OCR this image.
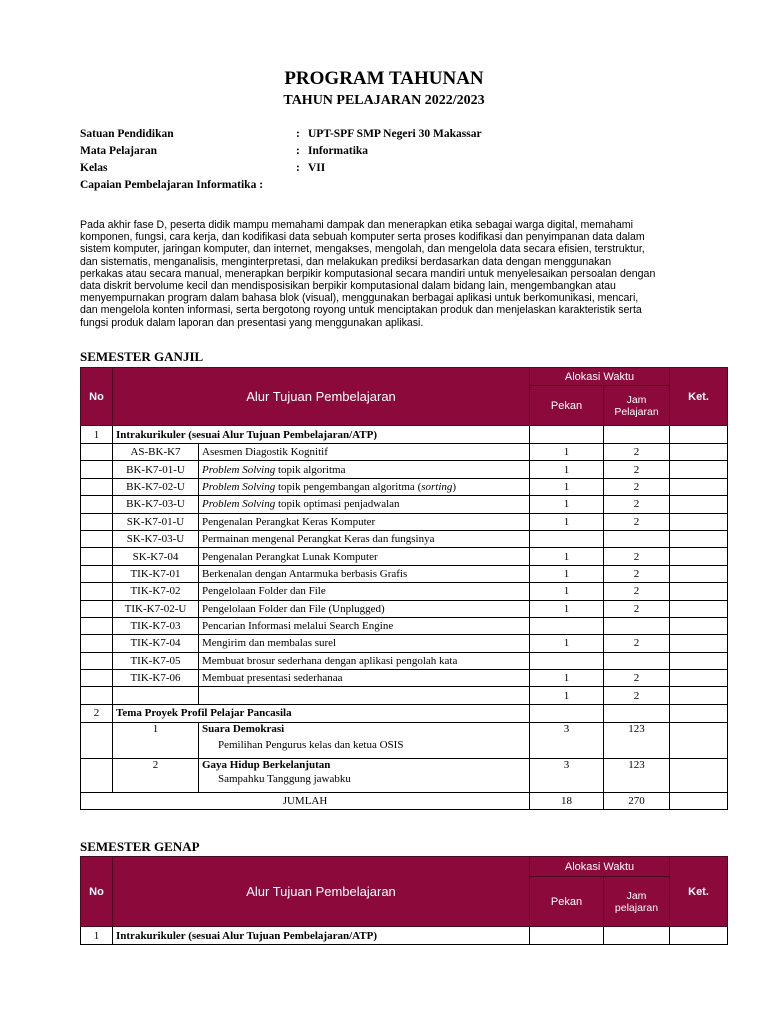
PROGRAM TAHUNAN
TAHUN PELAJARAN 2022/2023
Satuan Pendidikan	: UPT-SPF SMP Negeri 30 Makassar
Mata Pelajaran	: Informatika
Kelas	: VII
Capaian Pembelajaran Informatika :
Pada akhir fase D, peserta didik mampu memahami dampak dan menerapkan etika sebagai warga digital, memahami
komponen, fungsi, cara kerja, dan kodifikasi data sebuah komputer serta proses kodifikasi dan penyimpanan data dalam
sistem komputer, jaringan komputer, dan internet, mengakses, mengolah, dan mengelola data secara efisien, terstruktur,
dan sistematis, menganalisis, menginterpretasi, dan melakukan prediksi berdasarkan data dengan menggunakan
perkakas atau secara manual, menerapkan berpikir komputasional secara mandiri untuk menyelesaikan persoalan dengan
data diskrit bervolume kecil dan mendisposisikan berpikir komputasional dalam bidang lain, mengembangkan atau
menyempurnakan program dalam bahasa blok (visual), menggunakan berbagai aplikasi untuk berkomunikasi, mencari,
dan mengelola konten informasi, serta bergotong royong untuk menciptakan produk dan menjelaskan karakteristik serta
fungsi produk dalam laporan dan presentasi yang menggunakan aplikasi.
SEMESTER GANJIL
No	Alur Tujuan Pembelajaran		Alokasi Waktu		Ket.
			Pekan	Jam
Pelajaran	
1	Intrakurikuler (sesuai Alur Tujuan Pembelajaran/ATP)				
	AS-BK-K7	Asesmen Diagostik Kognitif	1	2	
	BK-K7-01-U	Problem Solving topik algoritma	1	2	
	BK-K7-02-U	Problem Solving topik pengembangan algoritma (sorting)	1	2	
	BK-K7-03-U	Problem Solving topik optimasi penjadwalan	1	2	
	SK-K7-01-U	Pengenalan Perangkat Keras Komputer	1	2	
	SK-K7-03-U	Permainan mengenal Perangkat Keras dan fungsinya			
	SK-K7-04	Pengenalan Perangkat Lunak Komputer	1	2	
	TIK-K7-01	Berkenalan dengan Antarmuka berbasis Grafis	1	2	
	TIK-K7-02	Pengelolaan Folder dan File	1	2	
	TIK-K7-02-U	Pengelolaan Folder dan File (Unplugged)	1	2	
	TIK-K7-03	Pencarian Informasi melalui Search Engine			
	TIK-K7-04	Mengirim dan membalas surel	1	2	
	TIK-K7-05	Membuat brosur sederhana dengan aplikasi pengolah kata			
	TIK-K7-06	Membuat presentasi sederhanaa	1	2	
			1	2	
2	Tema Proyek Profil Pelajar Pancasila				
	1	Suara Demokrasi
Pemilihan Pengurus kelas dan ketua OSIS	3	123	
	2	Gaya Hidup Berkelanjutan
Sampahku Tanggung jawabku	3	123	
JUMLAH			18	270	
SEMESTER GENAP
No	Alur Tujuan Pembelajaran	Alokasi Waktu		Ket.
		Pekan	Jam
pelajaran	
1	Intrakurikuler (sesuai Alur Tujuan Pembelajaran/ATP)			
